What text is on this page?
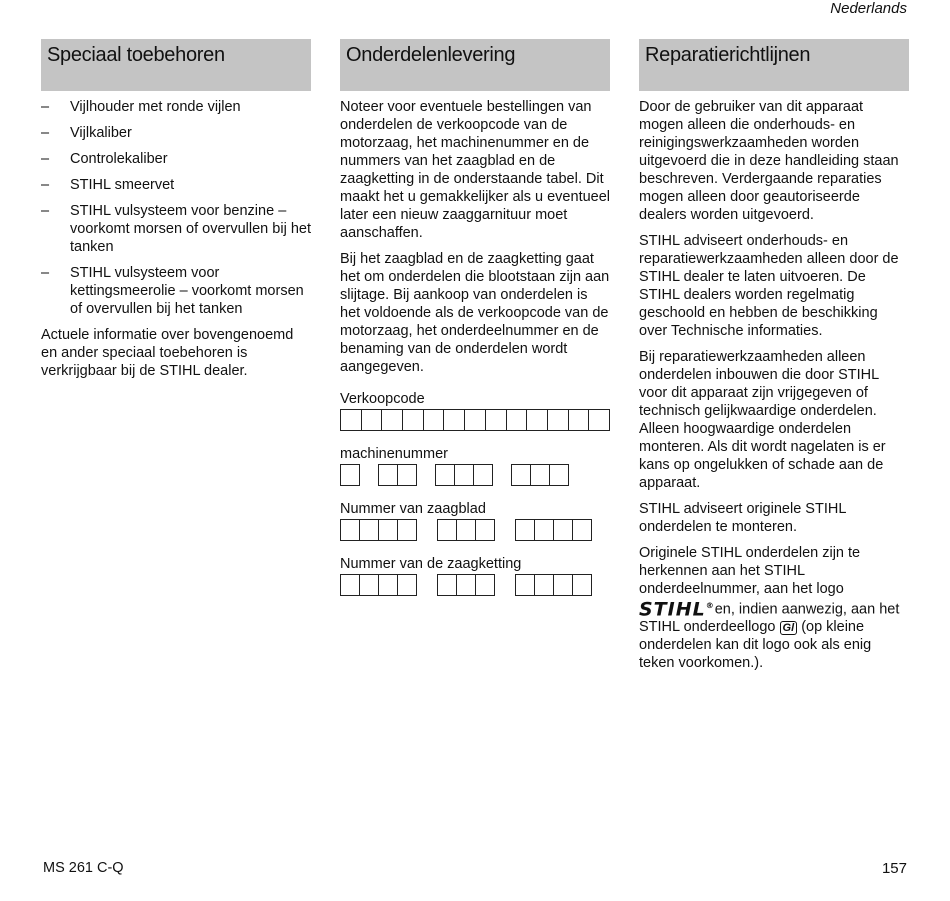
Nederlands
Speciaal toebehoren
– Vijlhouder met ronde vijlen
– Vijlkaliber
– Controlekaliber
– STIHL smeervet
– STIHL vulsysteem voor benzine – voorkomt morsen of overvullen bij het tanken
– STIHL vulsysteem voor kettingsmeerolie – voorkomt morsen of overvullen bij het tanken

Actuele informatie over bovengenoemd en ander speciaal toebehoren is verkrijgbaar bij de STIHL dealer.

Onderdelenlevering

Noteer voor eventuele bestellingen van onderdelen de verkoopcode van de motorzaag, het machinenummer en de nummers van het zaagblad en de zaagketting in de onderstaande tabel. Dit maakt het u gemakkelijker als u eventueel later een nieuw zaaggarnituur moet aanschaffen.

Bij het zaagblad en de zaagketting gaat het om onderdelen die blootstaan zijn aan slijtage. Bij aankoop van onderdelen is het voldoende als de verkoopcode van de motorzaag, het onderdeelnummer en de benaming van de onderdelen wordt aangegeven.

Verkoopcode
machinenummer
Nummer van zaagblad
Nummer van de zaagketting
Reparatierichtlijnen

Door de gebruiker van dit apparaat mogen alleen die onderhouds- en reinigingswerkzaamheden worden uitgevoerd die in deze handleiding staan beschreven. Verdergaande reparaties mogen alleen door geautoriseerde dealers worden uitgevoerd.

STIHL adviseert onderhouds- en reparatiewerkzaamheden alleen door de STIHL dealer te laten uitvoeren. De STIHL dealers worden regelmatig geschoold en hebben de beschikking over Technische informaties.

Bij reparatiewerkzaamheden alleen onderdelen inbouwen die door STIHL voor dit apparaat zijn vrijgegeven of technisch gelijkwaardige onderdelen. Alleen hoogwaardige onderdelen monteren. Als dit wordt nagelaten is er kans op ongelukken of schade aan de apparaat.

STIHL adviseert originele STIHL onderdelen te monteren.

Originele STIHL onderdelen zijn te herkennen aan het STIHL onderdeelnummer, aan het logo
STIHL®en, indien aanwezig, aan het STIHL onderdeellogo Gl (op kleine onderdelen kan dit logo ook als enig teken voorkomen.).

MS 261 C-Q	157
